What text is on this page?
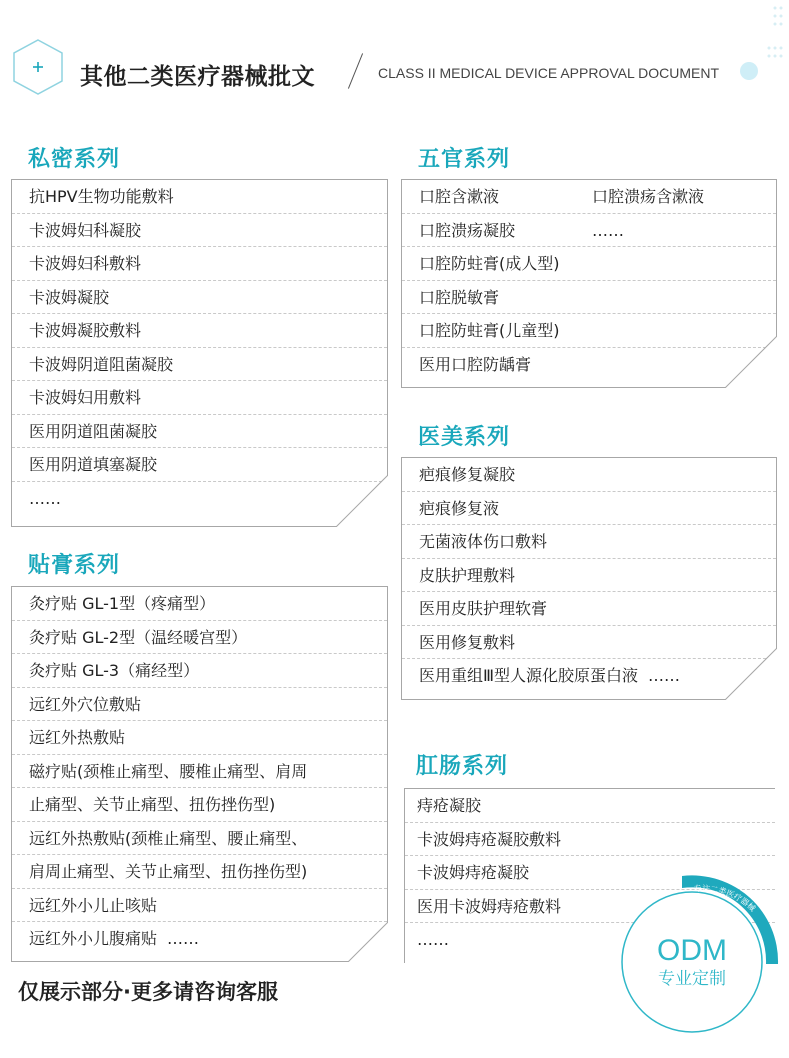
其他二类医疗器械批文	CLASS II MEDICAL DEVICE APPROVAL DOCUMENT
私密系列
抗HPV生物功能敷料
卡波姆妇科凝胶
卡波姆妇科敷料
卡波姆凝胶
卡波姆凝胶敷料
卡波姆阴道阻菌凝胶
卡波姆妇用敷料
医用阴道阻菌凝胶
医用阴道填塞凝胶
……
五官系列
口腔含漱液	口腔溃疡含漱液
口腔溃疡凝胶	……
口腔防蛀膏(成人型)
口腔脱敏膏
口腔防蛀膏(儿童型)
医用口腔防龋膏
医美系列
疤痕修复凝胶
疤痕修复液
无菌液体伤口敷料
皮肤护理敷料
医用皮肤护理软膏
医用修复敷料
医用重组Ⅲ型人源化胶原蛋白液 ……
贴膏系列
灸疗贴 GL-1型（疼痛型）
灸疗贴 GL-2型（温经暖宫型）
灸疗贴 GL-3（痛经型）
远红外穴位敷贴
远红外热敷贴
磁疗贴(颈椎止痛型、腰椎止痛型、肩周
止痛型、关节止痛型、扭伤挫伤型)
远红外热敷贴(颈椎止痛型、腰止痛型、
肩周止痛型、关节止痛型、扭伤挫伤型)
远红外小儿止咳贴
远红外小儿腹痛贴 ……
肛肠系列
痔疮凝胶
卡波姆痔疮凝胶敷料
卡波姆痔疮凝胶
医用卡波姆痔疮敷料
……
仅展示部分·更多请咨询客服
专注二类医疗器械
ODM
专业定制
